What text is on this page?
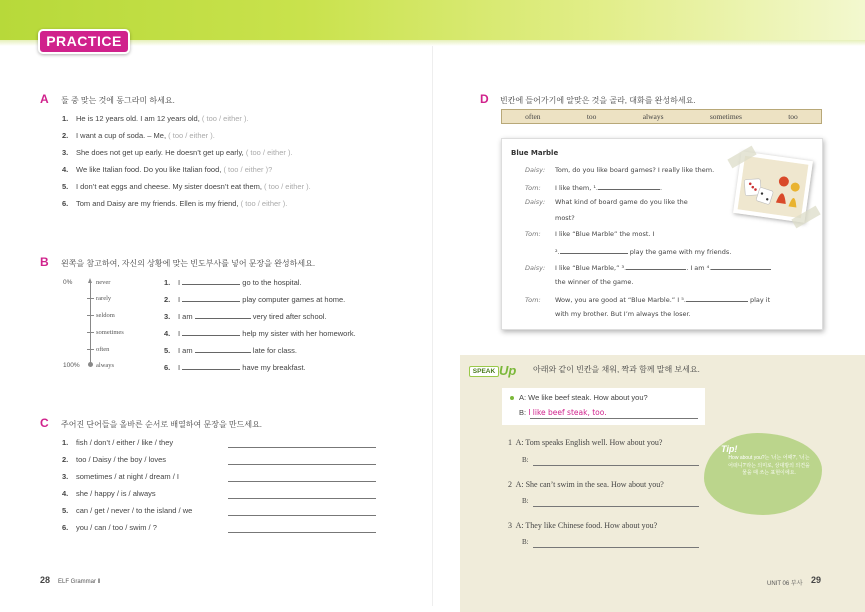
PRACTICE
A 둘 중 맞는 것에 동그라미 하세요.
1. He is 12 years old. I am 12 years old, ( too / either ).
2. I want a cup of soda. – Me, ( too / either ).
3. She does not get up early. He doesn’t get up early, ( too / either ).
4. We like Italian food. Do you like Italian food, ( too / either )?
5. I don’t eat eggs and cheese. My sister doesn’t eat them, ( too / either ).
6. Tom and Daisy are my friends. Ellen is my friend, ( too / either ).
B 왼쪽을 참고하여, 자신의 상황에 맞는 빈도부사를 넣어 문장을 완성하세요.
0%
100%
never
rarely
seldom
sometimes
often
always
1. I	go to the hospital.
2. I	play computer games at home.
3. I am	very tired after school.
4. I	help my sister with her homework.
5. I am	late for class.
6. I	have my breakfast.
C 주어진 단어들을 올바른 순서로 배열하여 문장을 만드세요.
1. fish / don’t / either / like / they
2. too / Daisy / the boy / loves
3. sometimes / at night / dream / I
4. she / happy / is / always
5. can / get / never / to the island / we
6. you / can / too / swim / ?
D 빈칸에 들어가기에 알맞은 것을 골라, 대화를 완성하세요.
often	too	always	sometimes	too
Blue Marble
Daisy: Tom, do you like board games? I really like them.
Tom: I like them, ¹.	.
Daisy: What kind of board game do you like the
most?
Tom: I like “Blue Marble” the most. I
².	play the game with my friends.
Daisy: I like “Blue Marble,” ³.	. I am ⁴.
the winner of the game.
Tom: Wow, you are good at “Blue Marble.” I ⁵.	play it
with my brother. But I’m always the loser.
SPEAK Up 아래와 같이 빈칸을 채워, 짝과 함께 말해 보세요.
A: We like beef steak. How about you?
B: I like beef steak, too.
1 A: Tom speaks English well. How about you?
B:
2 A: She can’t swim in the sea. How about you?
B:
3 A: They like Chinese food. How about you?
B:
Tip!
How about you?는 '너는 어때?', '너는 어떠니?'라는 의미로, 상대방의 의견을 물을 때 쓰는 표현이에요.
28 ELF Grammar Ⅱ	UNIT 06 부사 29
